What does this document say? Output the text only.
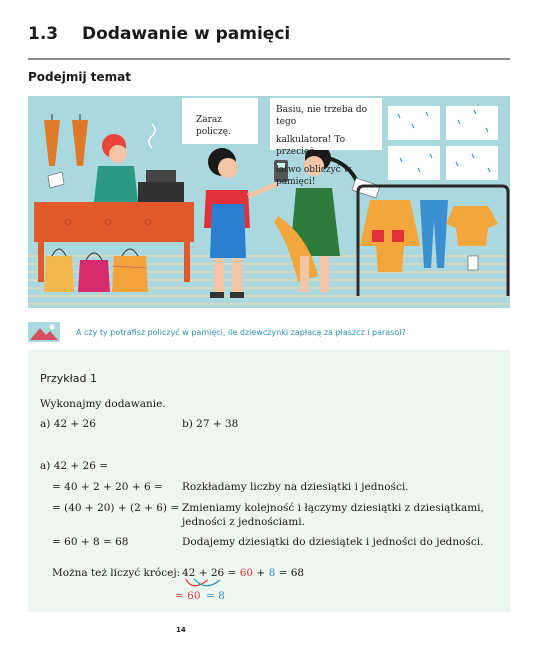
1.3 Dodawanie w pamięci
Podejmij temat
Zaraz policzę.
Basiu, nie trzeba do tego
kalkulatora! To przecież
łatwo obliczyć w pamięci!
A czy ty potrafisz policzyć w pamięci, ile dziewczynki zapłacą za płaszcz i parasol?
Przykład 1
Wykonajmy dodawanie.
a) 42 + 26	b) 27 + 38
a) 42 + 26 =
= 40 + 2 + 20 + 6 = Rozkładamy liczby na dziesiątki i jedności.
= (40 + 20) + (2 + 6) = Zmieniamy kolejność i łączymy dziesiątki z dziesiątkami,
jedności z jednościami.
= 60 + 8 = 68	Dodajemy dziesiątki do dziesiątek i jedności do jedności.
Można też liczyć krócej: 42 + 26 = 60 + 8 = 68
= 60 = 8
14
